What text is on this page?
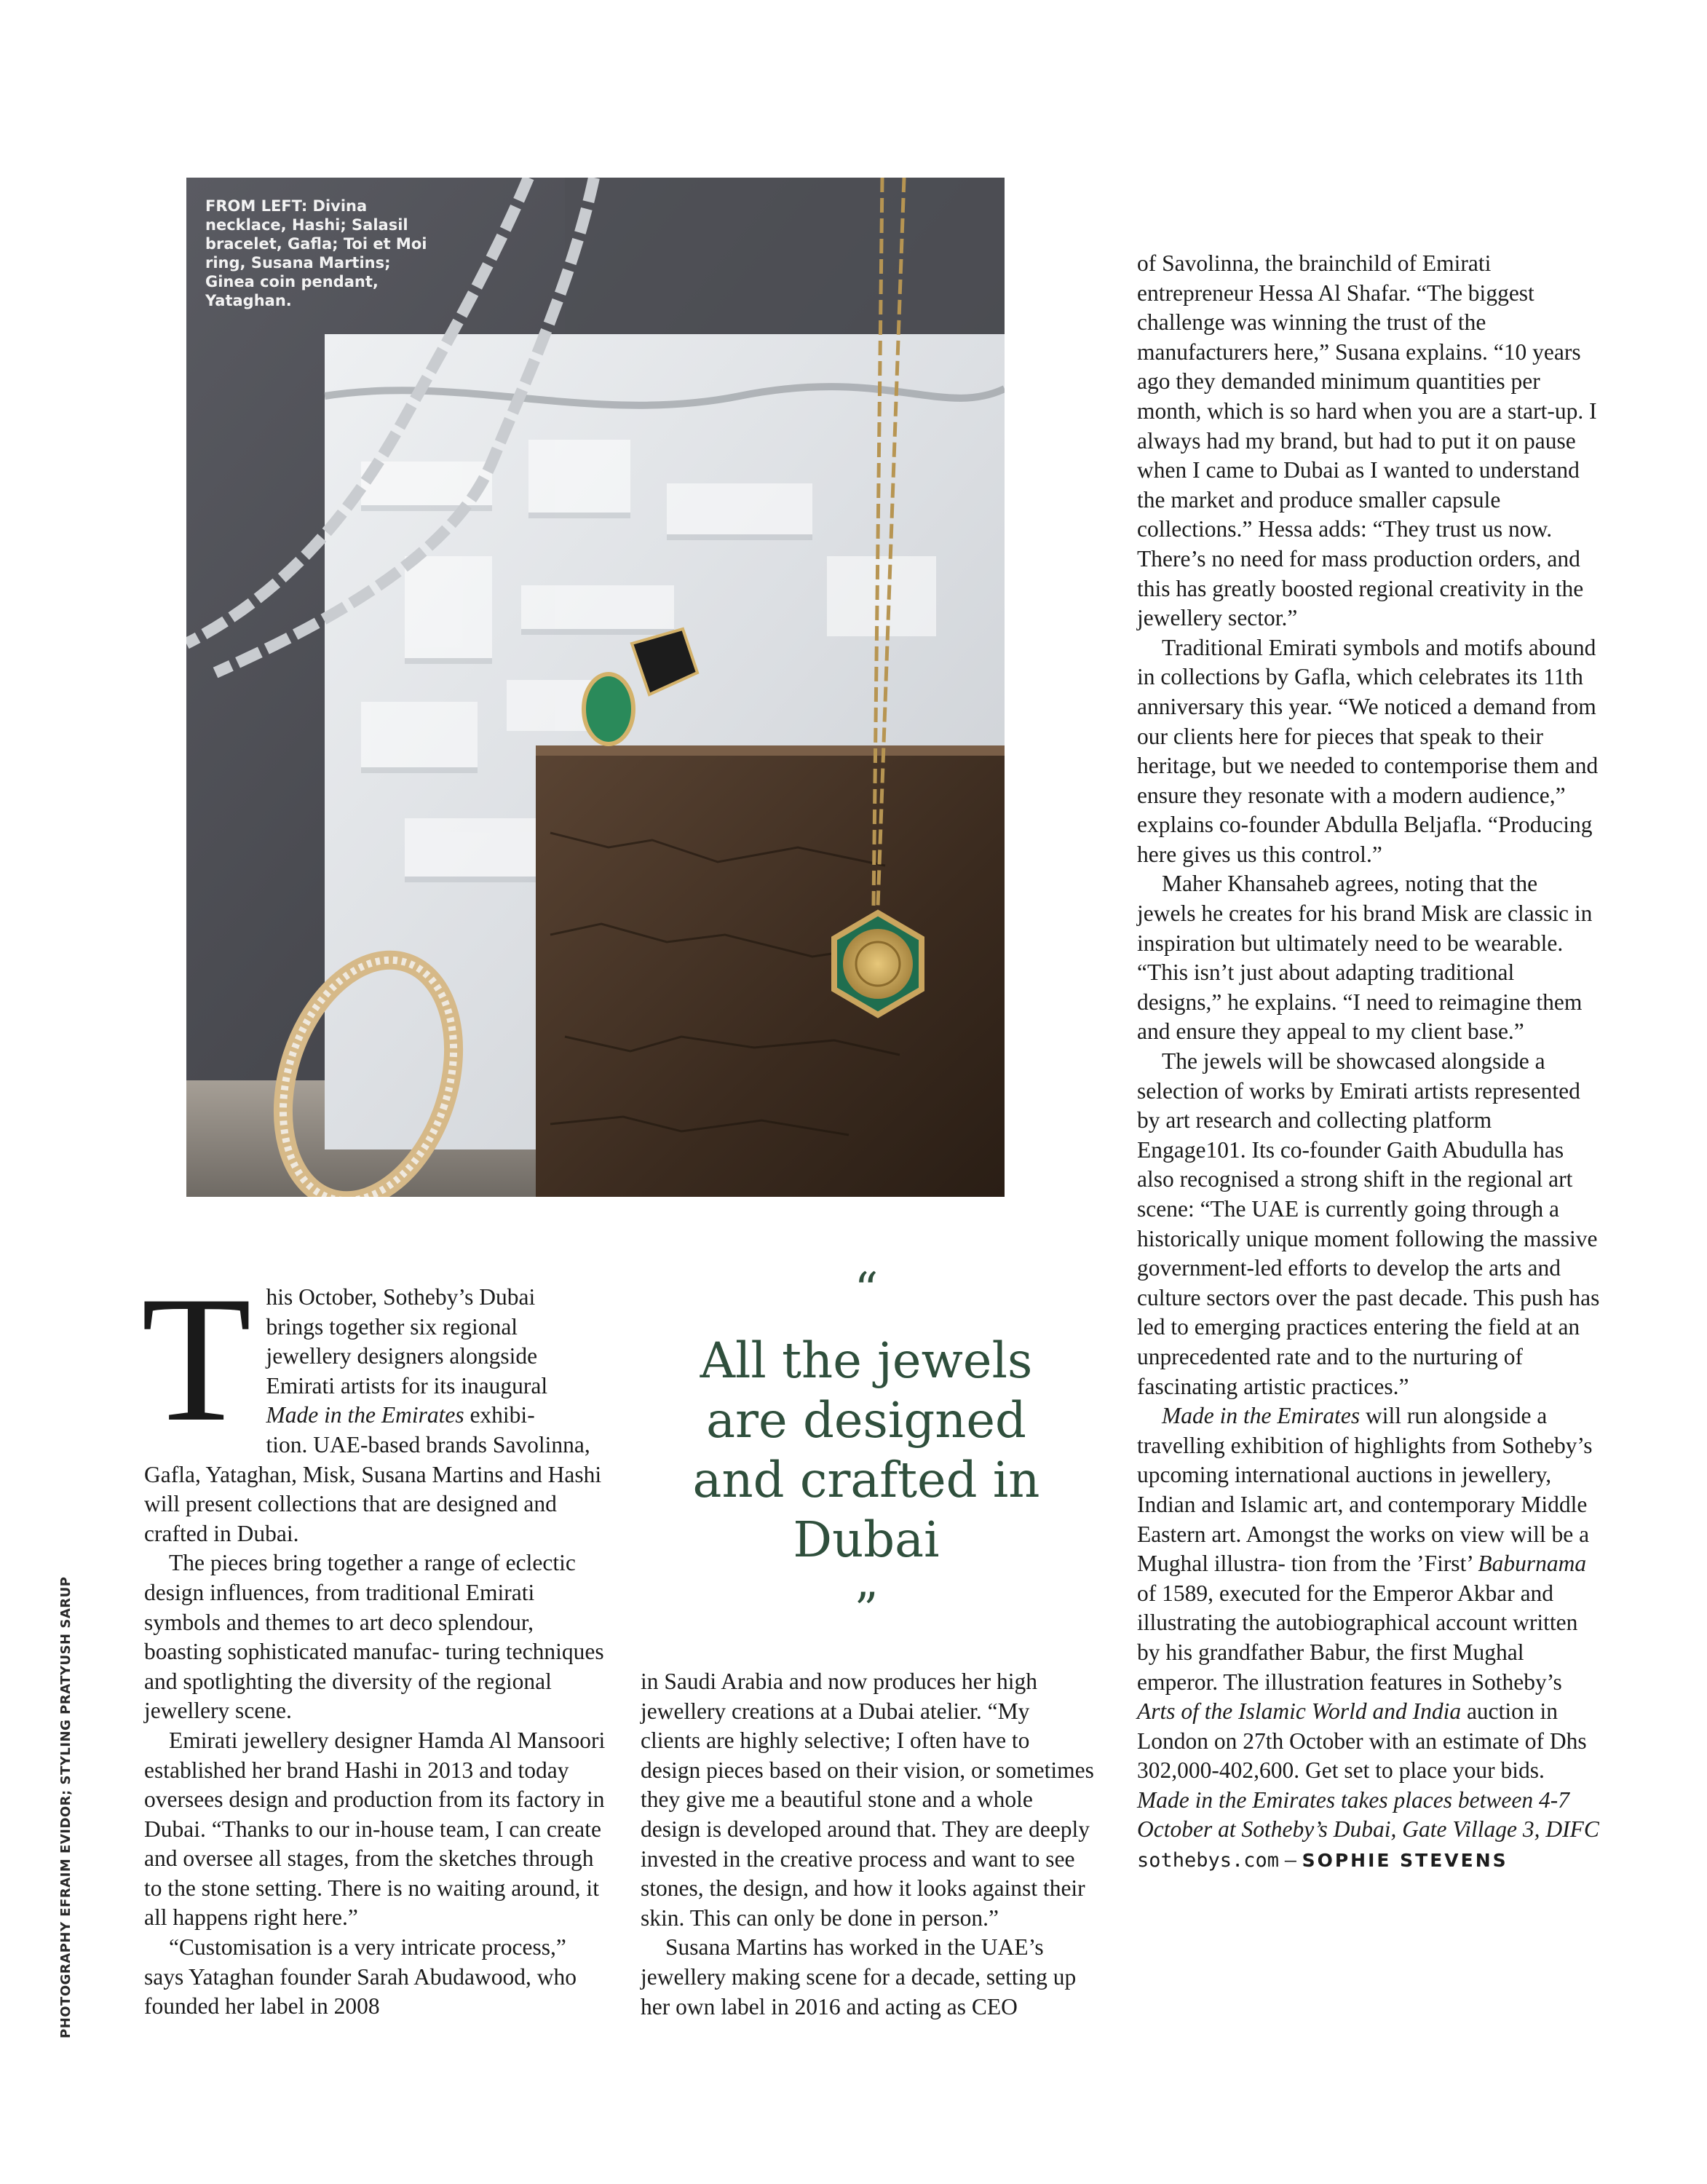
FROM LEFT: Divina necklace, Hashi; Salasil bracelet, Gafla; Toi et Moi ring, Susana Martins; Ginea coin pendant, Yataghan.
PHOTOGRAPHY EFRAIM EVIDOR; STYLING PRATYUSH SARUP

T his October, Sotheby’s Dubai
brings together six regional
jewellery designers alongside
Emirati artists for its inaugural
Made in the Emirates exhibi-
tion. UAE-based brands Savolinna, Gafla, Yataghan, Misk, Susana Martins and Hashi will present collections that are designed and crafted in Dubai.

The pieces bring together a range of eclectic design influences, from traditional Emirati symbols and themes to art deco splendour, boasting sophisticated manufac- turing techniques and spotlighting the diversity of the regional jewellery scene.

Emirati jewellery designer Hamda Al Mansoori established her brand Hashi in 2013 and today oversees design and production from its factory in Dubai. “Thanks to our in-house team, I can create and oversee all stages, from the sketches through to the stone setting. There is no waiting around, it all happens right here.”

“Customisation is a very intricate process,” says Yataghan founder Sarah Abudawood, who founded her label in 2008

“
All the jewels are designed and crafted in Dubai
”

in Saudi Arabia and now produces her high jewellery creations at a Dubai atelier. “My clients are highly selective; I often have to design pieces based on their vision, or sometimes they give me a beautiful stone and a whole design is developed around that. They are deeply invested in the creative process and want to see stones, the design, and how it looks against their skin. This can only be done in person.”

Susana Martins has worked in the UAE’s jewellery making scene for a decade, setting up her own label in 2016 and acting as CEO

of Savolinna, the brainchild of Emirati entrepreneur Hessa Al Shafar. “The biggest challenge was winning the trust of the manufacturers here,” Susana explains. “10 years ago they demanded minimum quantities per month, which is so hard when you are a start-up. I always had my brand, but had to put it on pause when I came to Dubai as I wanted to understand the market and produce smaller capsule collections.” Hessa adds: “They trust us now. There’s no need for mass production orders, and this has greatly boosted regional creativity in the jewellery sector.”

Traditional Emirati symbols and motifs abound in collections by Gafla, which celebrates its 11th anniversary this year. “We noticed a demand from our clients here for pieces that speak to their heritage, but we needed to contemporise them and ensure they resonate with a modern audience,” explains co-founder Abdulla Beljafla. “Producing here gives us this control.”

Maher Khansaheb agrees, noting that the jewels he creates for his brand Misk are classic in inspiration but ultimately need to be wearable. “This isn’t just about adapting traditional designs,” he explains. “I need to reimagine them and ensure they appeal to my client base.”

The jewels will be showcased alongside a selection of works by Emirati artists represented by art research and collecting platform Engage101. Its co-founder Gaith Abudulla has also recognised a strong shift in the regional art scene: “The UAE is currently going through a historically unique moment following the massive government-led efforts to develop the arts and culture sectors over the past decade. This push has led to emerging practices entering the field at an unprecedented rate and to the nurturing of fascinating artistic practices.”

Made in the Emirates will run alongside a travelling exhibition of highlights from Sotheby’s upcoming international auctions in jewellery, Indian and Islamic art, and contemporary Middle Eastern art. Amongst the works on view will be a Mughal illustra- tion from the ’First’ Baburnama of 1589, executed for the Emperor Akbar and illustrating the autobiographical account written by his grandfather Babur, the first Mughal emperor. The illustration features in Sotheby’s Arts of the Islamic World and India auction in London on 27th October with an estimate of Dhs 302,000-402,600. Get set to place your bids. Made in the Emirates takes places between 4-7 October at Sotheby’s Dubai, Gate Village 3, DIFC

sothebys.com – SOPHIE STEVENS
